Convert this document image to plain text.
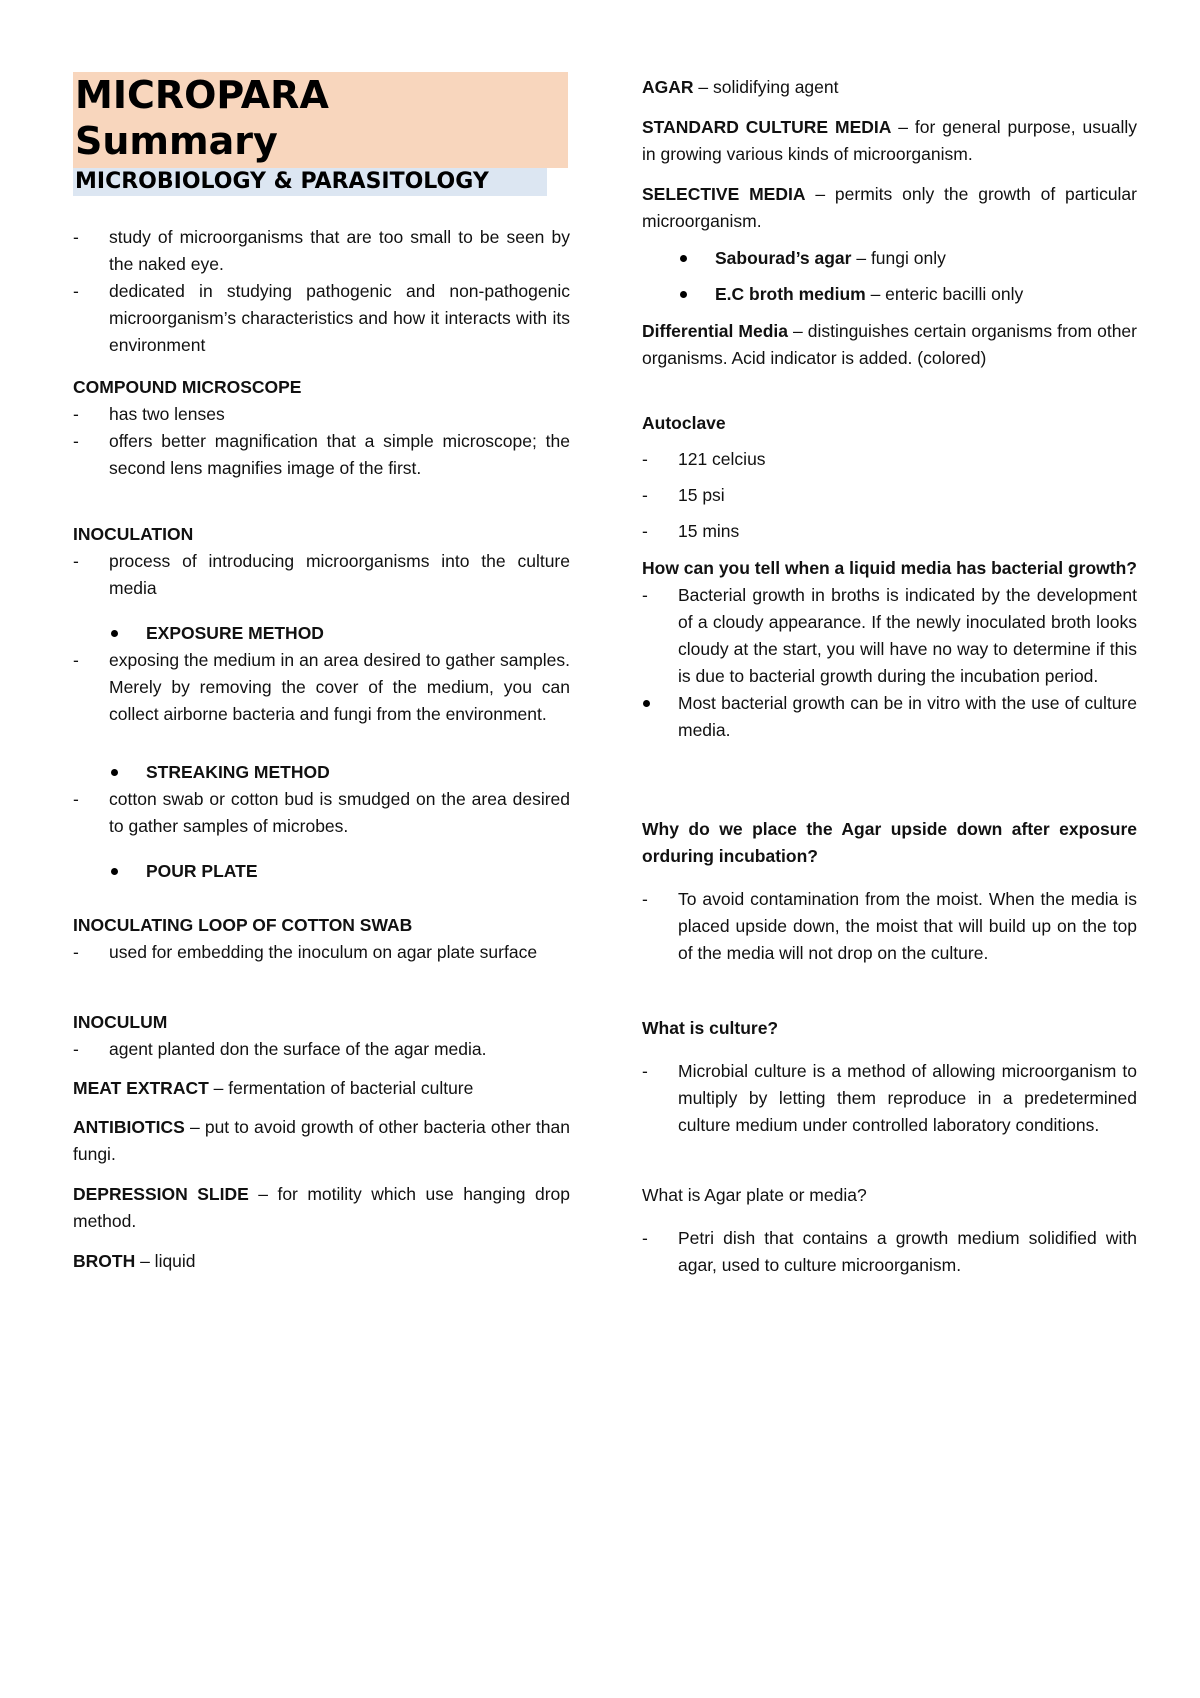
MICROPARA
Summary
MICROBIOLOGY & PARASITOLOGY
- study of microorganisms that are too small to be seen by the naked eye.
- dedicated in studying pathogenic and non-pathogenic microorganism’s characteristics and how it interacts with its environment
COMPOUND MICROSCOPE
- has two lenses
- offers better magnification that a simple microscope; the second lens magnifies image of the first.
INOCULATION
- process of introducing microorganisms into the culture media
EXPOSURE METHOD
- exposing the medium in an area desired to gather samples. Merely by removing the cover of the medium, you can collect airborne bacteria and fungi from the environment.
STREAKING METHOD
- cotton swab or cotton bud is smudged on the area desired to gather samples of microbes.
POUR PLATE
INOCULATING LOOP OF COTTON SWAB
- used for embedding the inoculum on agar plate surface
INOCULUM
- agent planted don the surface of the agar media.
MEAT EXTRACT – fermentation of bacterial culture
ANTIBIOTICS – put to avoid growth of other bacteria other than fungi.
DEPRESSION SLIDE – for motility which use hanging drop method.
BROTH – liquid
AGAR – solidifying agent
STANDARD CULTURE MEDIA – for general purpose, usually in growing various kinds of microorganism.
SELECTIVE MEDIA – permits only the growth of particular microorganism.
Sabourad’s agar – fungi only
E.C broth medium – enteric bacilli only
Differential Media – distinguishes certain organisms from other organisms. Acid indicator is added. (colored)
Autoclave
- 121 celcius
- 15 psi
- 15 mins
How can you tell when a liquid media has bacterial growth?
- Bacterial growth in broths is indicated by the development of a cloudy appearance. If the newly inoculated broth looks cloudy at the start, you will have no way to determine if this is due to bacterial growth during the incubation period.
Most bacterial growth can be in vitro with the use of culture media.
Why do we place the Agar upside down after exposure orduring incubation?
- To avoid contamination from the moist. When the media is placed upside down, the moist that will build up on the top of the media will not drop on the culture.
What is culture?
- Microbial culture is a method of allowing microorganism to multiply by letting them reproduce in a predetermined culture medium under controlled laboratory conditions.
What is Agar plate or media?
- Petri dish that contains a growth medium solidified with agar, used to culture microorganism.
